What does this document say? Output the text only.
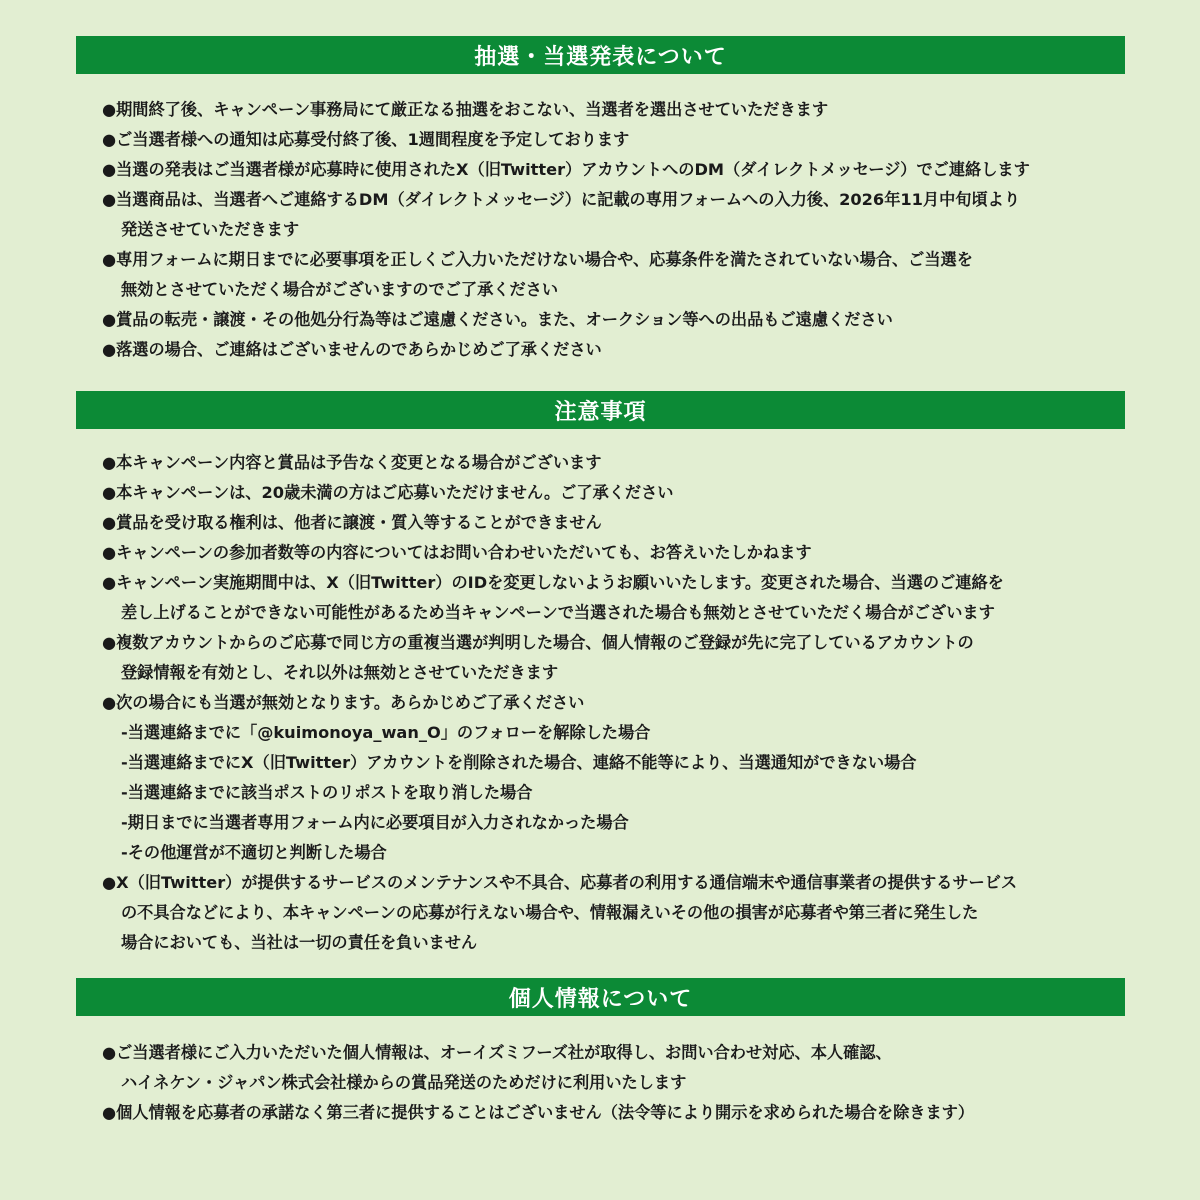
抽選・当選発表について
●期間終了後、キャンペーン事務局にて厳正なる抽選をおこない、当選者を選出させていただきます
●ご当選者様への通知は応募受付終了後、1週間程度を予定しております
●当選の発表はご当選者様が応募時に使用されたX（旧Twitter）アカウントへのDM（ダイレクトメッセージ）でご連絡します
●当選商品は、当選者へご連絡するDM（ダイレクトメッセージ）に記載の専用フォームへの入力後、2026年11月中旬頃より
発送させていただきます
●専用フォームに期日までに必要事項を正しくご入力いただけない場合や、応募条件を満たされていない場合、ご当選を
無効とさせていただく場合がございますのでご了承ください
●賞品の転売・譲渡・その他処分行為等はご遠慮ください。また、オークション等への出品もご遠慮ください
●落選の場合、ご連絡はございませんのであらかじめご了承ください
注意事項
●本キャンペーン内容と賞品は予告なく変更となる場合がございます
●本キャンペーンは、20歳未満の方はご応募いただけません。ご了承ください
●賞品を受け取る権利は、他者に譲渡・質入等することができません
●キャンペーンの参加者数等の内容についてはお問い合わせいただいても、お答えいたしかねます
●キャンペーン実施期間中は、X（旧Twitter）のIDを変更しないようお願いいたします。変更された場合、当選のご連絡を
差し上げることができない可能性があるため当キャンペーンで当選された場合も無効とさせていただく場合がございます
●複数アカウントからのご応募で同じ方の重複当選が判明した場合、個人情報のご登録が先に完了しているアカウントの
登録情報を有効とし、それ以外は無効とさせていただきます
●次の場合にも当選が無効となります。あらかじめご了承ください
-当選連絡までに「@kuimonoya_wan_O」のフォローを解除した場合
-当選連絡までにX（旧Twitter）アカウントを削除された場合、連絡不能等により、当選通知ができない場合
-当選連絡までに該当ポストのリポストを取り消した場合
-期日までに当選者専用フォーム内に必要項目が入力されなかった場合
-その他運営が不適切と判断した場合
●X（旧Twitter）が提供するサービスのメンテナンスや不具合、応募者の利用する通信端末や通信事業者の提供するサービス
の不具合などにより、本キャンペーンの応募が行えない場合や、情報漏えいその他の損害が応募者や第三者に発生した
場合においても、当社は一切の責任を負いません
個人情報について
●ご当選者様にご入力いただいた個人情報は、オーイズミフーズ社が取得し、お問い合わせ対応、本人確認、
ハイネケン・ジャパン株式会社様からの賞品発送のためだけに利用いたします
●個人情報を応募者の承諾なく第三者に提供することはございません（法令等により開示を求められた場合を除きます）
